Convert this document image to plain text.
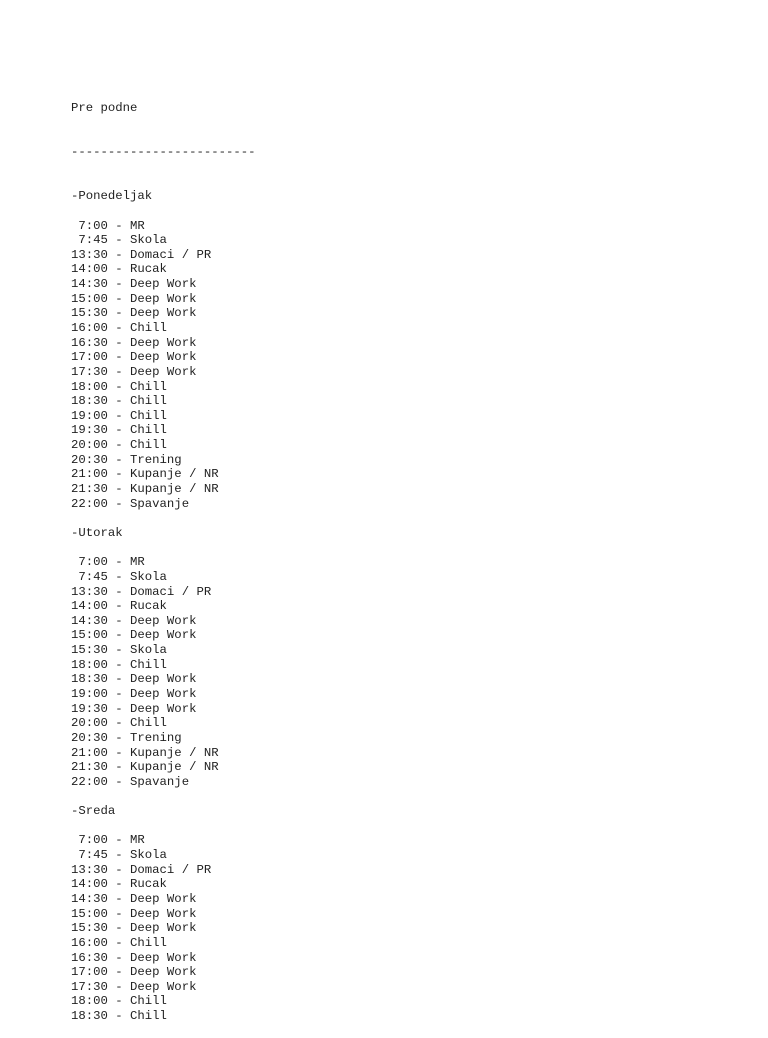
Pre podne

-------------------------

-Ponedeljak
7:00 - MR
7:45 - Skola
13:30 - Domaci / PR
14:00 - Rucak
14:30 - Deep Work
15:00 - Deep Work
15:30 - Deep Work
16:00 - Chill
16:30 - Deep Work
17:00 - Deep Work
17:30 - Deep Work
18:00 - Chill
18:30 - Chill
19:00 - Chill
19:30 - Chill
20:00 - Chill
20:30 - Trening
21:00 - Kupanje / NR
21:30 - Kupanje / NR
22:00 - Spavanje
-Utorak
7:00 - MR
7:45 - Skola
13:30 - Domaci / PR
14:00 - Rucak
14:30 - Deep Work
15:00 - Deep Work
15:30 - Skola
18:00 - Chill
18:30 - Deep Work
19:00 - Deep Work
19:30 - Deep Work
20:00 - Chill
20:30 - Trening
21:00 - Kupanje / NR
21:30 - Kupanje / NR
22:00 - Spavanje
-Sreda
7:00 - MR
7:45 - Skola
13:30 - Domaci / PR
14:00 - Rucak
14:30 - Deep Work
15:00 - Deep Work
15:30 - Deep Work
16:00 - Chill
16:30 - Deep Work
17:00 - Deep Work
17:30 - Deep Work
18:00 - Chill
18:30 - Chill
